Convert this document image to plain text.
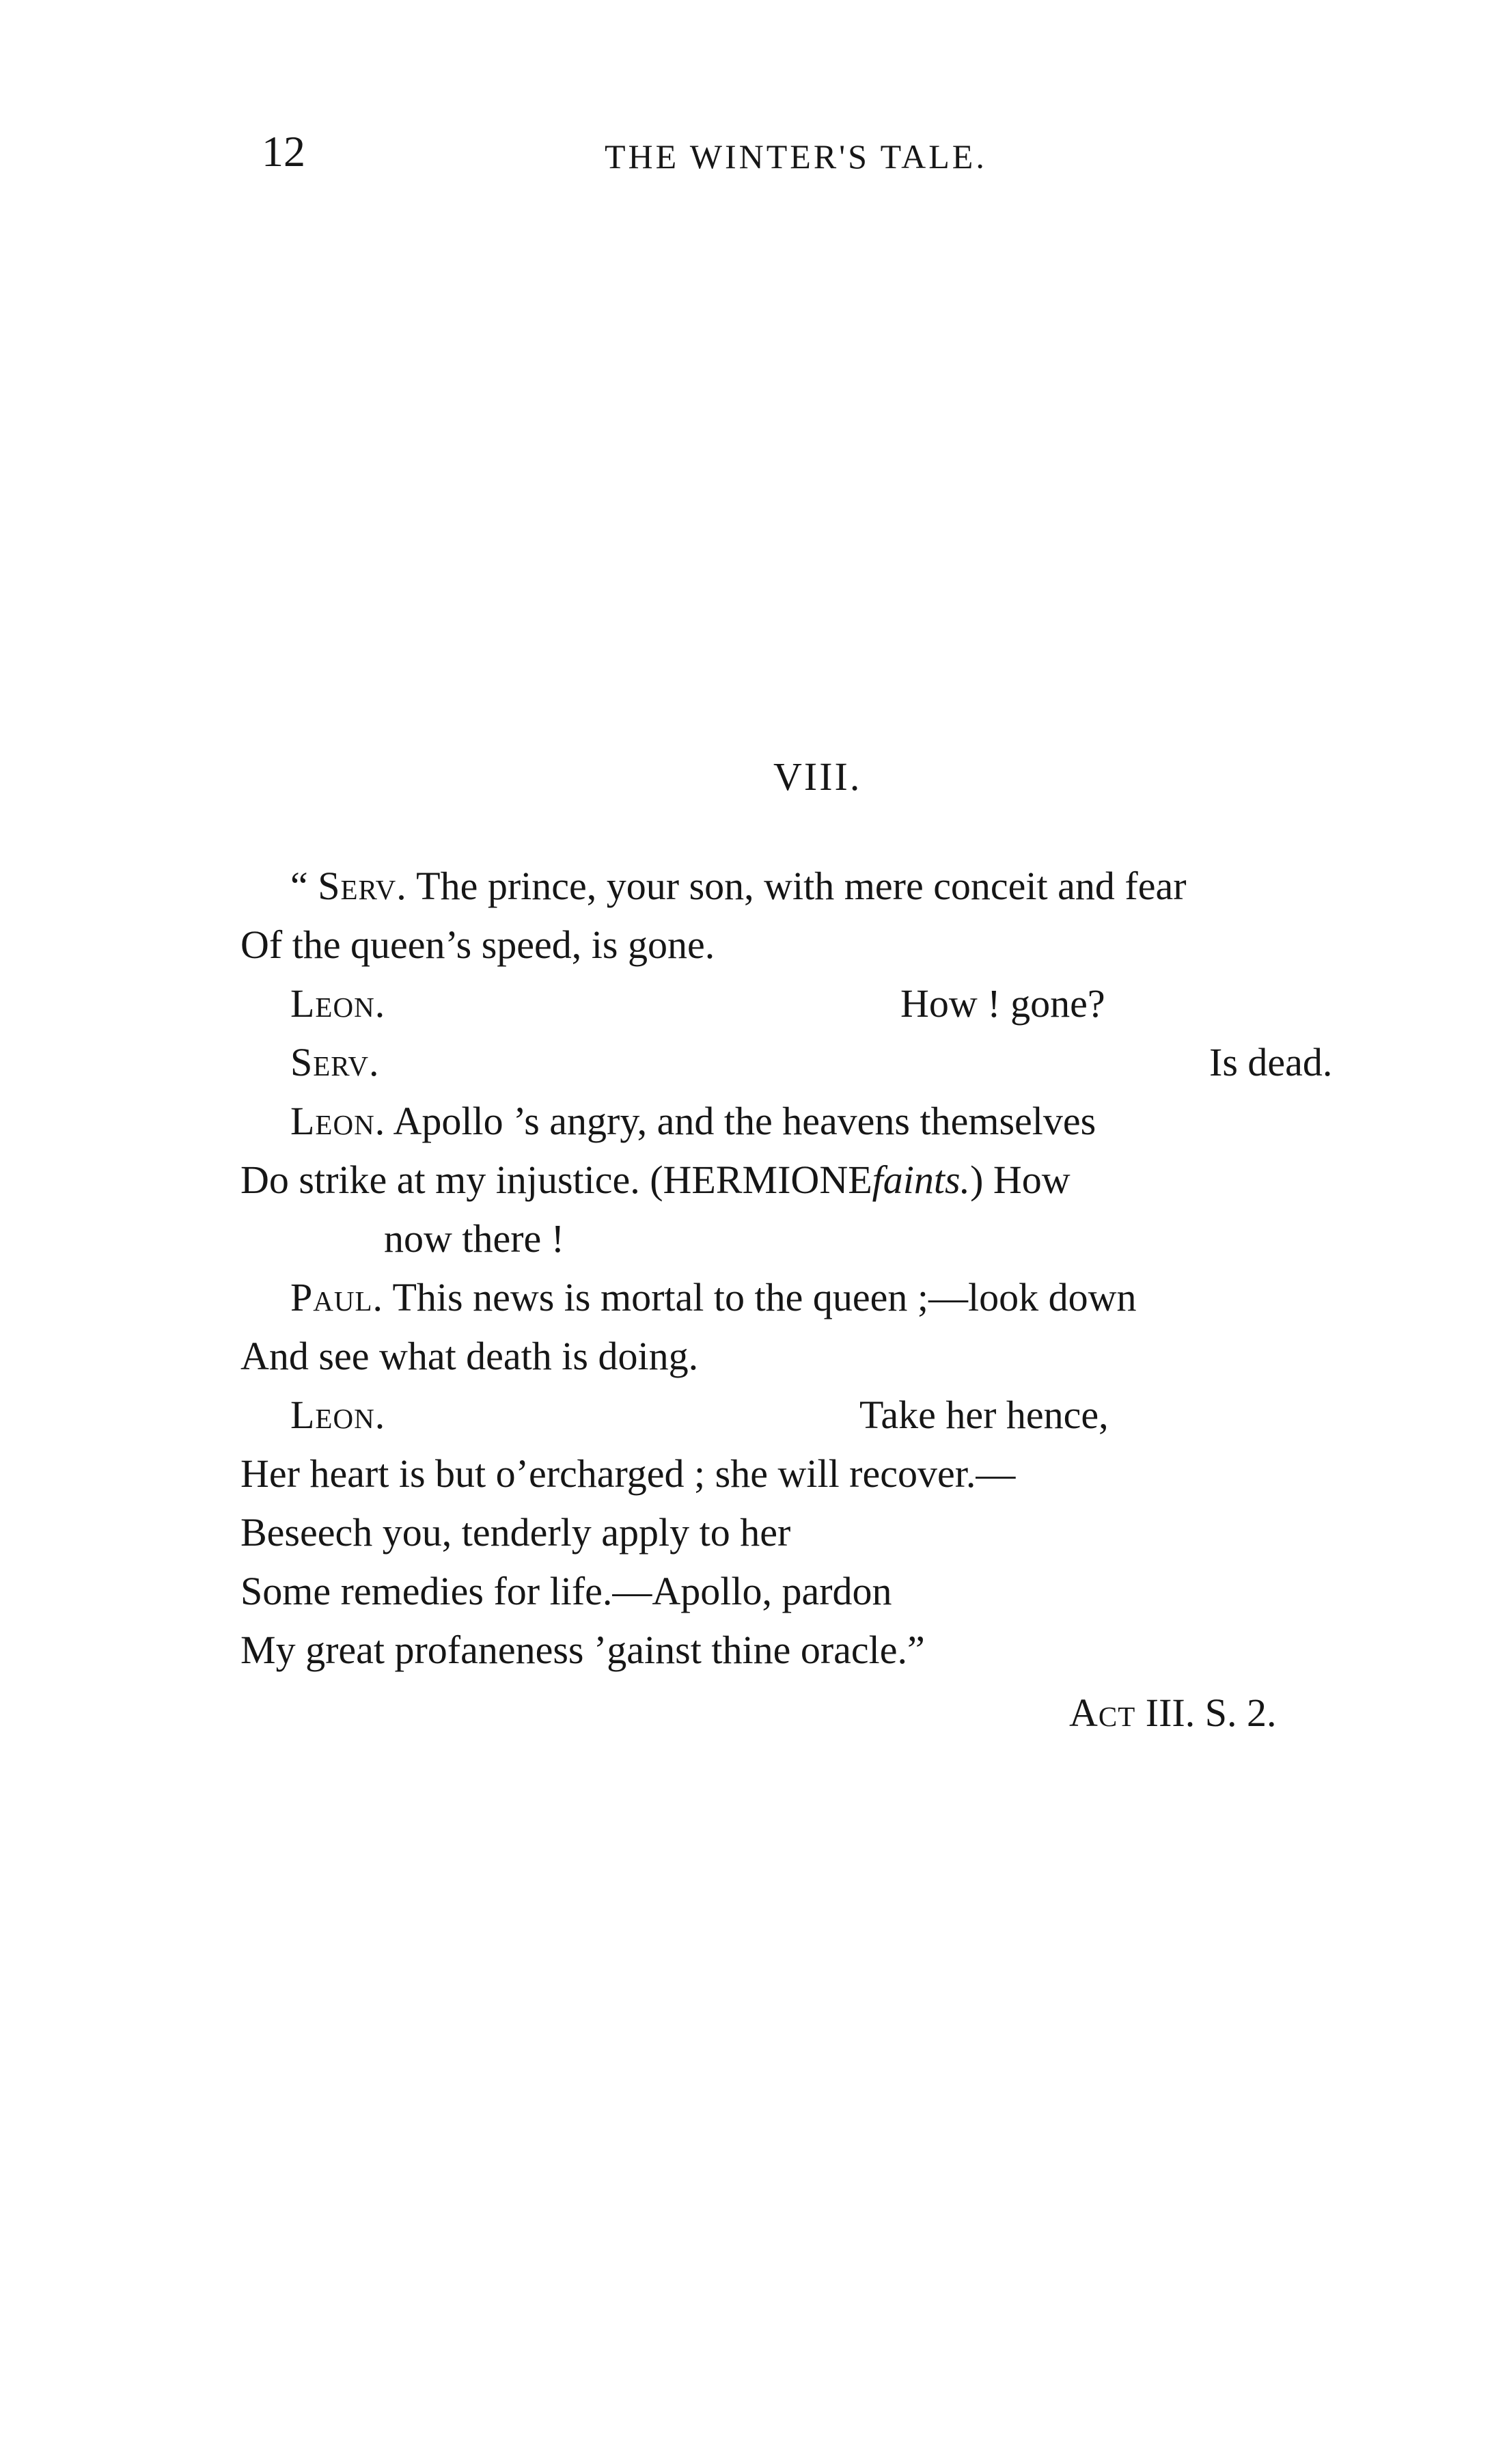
12	THE WINTER'S TALE.
VIII.
“ Serv. The prince, your son, with mere conceit and fear
Of the queen’s speed, is gone.
Leon.	How ! gone?
Serv.	Is dead.
Leon. Apollo ’s angry, and the heavens themselves
Do strike at my injustice. (HERMIONEfaints.) How
now there !
Paul. This news is mortal to the queen ;—look down
And see what death is doing.
Leon.	Take her hence,
Her heart is but o’ercharged ; she will recover.—
Beseech you, tenderly apply to her
Some remedies for life.—Apollo, pardon
My great profaneness ’gainst thine oracle.”
Act III. S. 2.
